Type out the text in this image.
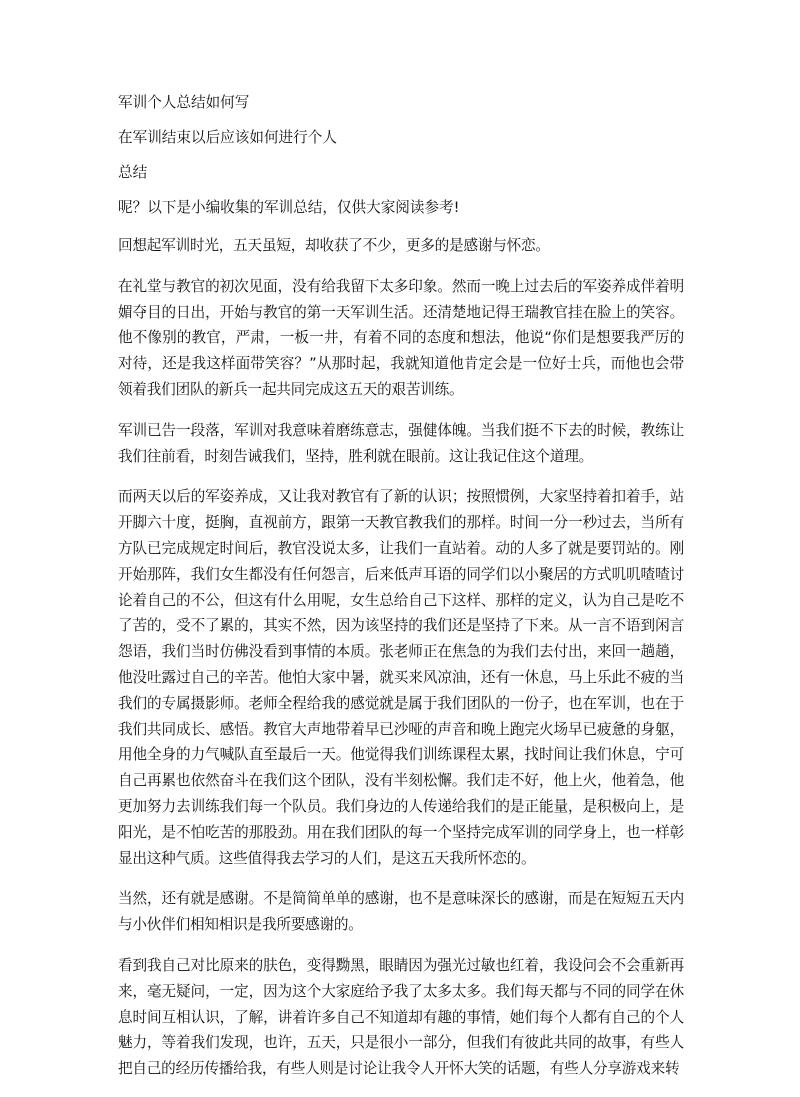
军训个人总结如何写

在军训结束以后应该如何进行个人

总结

呢？以下是小编收集的军训总结，仅供大家阅读参考!

回想起军训时光，五天虽短，却收获了不少，更多的是感谢与怀恋。

在礼堂与教官的初次见面，没有给我留下太多印象。然而一晚上过去后的军姿养成伴着明媚夺目的日出，开始与教官的第一天军训生活。还清楚地记得王瑞教官挂在脸上的笑容。他不像别的教官，严肃，一板一井，有着不同的态度和想法，他说“你们是想要我严厉的对待，还是我这样面带笑容？”从那时起，我就知道他肯定会是一位好士兵，而他也会带领着我们团队的新兵一起共同完成这五天的艰苦训练。

军训已告一段落，军训对我意味着磨练意志，强健体魄。当我们挺不下去的时候，教练让我们往前看，时刻告诫我们，坚持，胜利就在眼前。这让我记住这个道理。

而两天以后的军姿养成，又让我对教官有了新的认识；按照惯例，大家坚持着扣着手，站开脚六十度，挺胸，直视前方，跟第一天教官教我们的那样。时间一分一秒过去，当所有方队已完成规定时间后，教官没说太多，让我们一直站着。动的人多了就是要罚站的。刚开始那阵，我们女生都没有任何怨言，后来低声耳语的同学们以小聚居的方式叽叽喳喳讨论着自己的不公，但这有什么用呢，女生总给自己下这样、那样的定义，认为自己是吃不了苦的，受不了累的，其实不然，因为该坚持的我们还是坚持了下来。从一言不语到闲言怨语，我们当时仿佛没看到事情的本质。张老师正在焦急的为我们去付出，来回一趟趟，他没吐露过自己的辛苦。他怕大家中暑，就买来风凉油，还有一休息，马上乐此不疲的当我们的专属摄影师。老师全程给我的感觉就是属于我们团队的一份子，也在军训，也在于我们共同成长、感悟。教官大声地带着早已沙哑的声音和晚上跑完火场早已疲惫的身躯，用他全身的力气喊队直至最后一天。他觉得我们训练课程太累，找时间让我们休息，宁可自己再累也依然奋斗在我们这个团队，没有半刻松懈。我们走不好，他上火，他着急，他更加努力去训练我们每一个队员。我们身边的人传递给我们的是正能量，是积极向上，是阳光，是不怕吃苦的那股劲。用在我们团队的每一个坚持完成军训的同学身上，也一样彰显出这种气质。这些值得我去学习的人们，是这五天我所怀恋的。

当然，还有就是感谢。不是简简单单的感谢，也不是意味深长的感谢，而是在短短五天内与小伙伴们相知相识是我所要感谢的。

看到我自己对比原来的肤色，变得黝黑，眼睛因为强光过敏也红着，我设问会不会重新再来，毫无疑问，一定，因为这个大家庭给予我了太多太多。我们每天都与不同的同学在休息时间互相认识，了解，讲着许多自己不知道却有趣的事情，她们每个人都有自己的个人魅力，等着我们发现，也许，五天，只是很小一部分，但我们有彼此共同的故事，有些人把自己的经历传播给我，有些人则是讨论让我令人开怀大笑的话题，有些人分享游戏来转
